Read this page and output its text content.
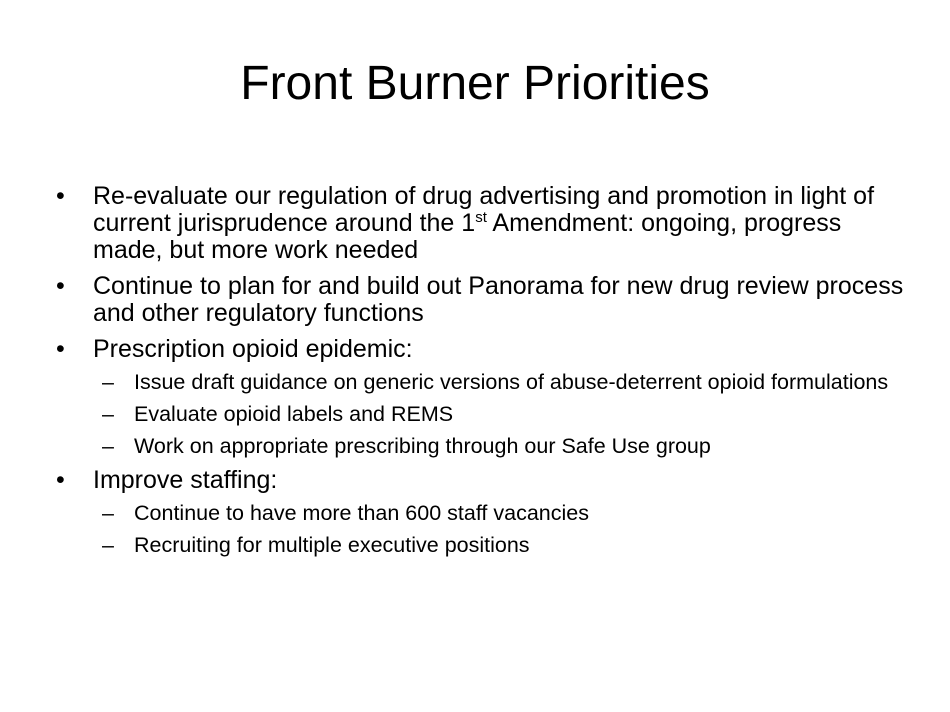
Front Burner Priorities
•	Re-evaluate our regulation of drug advertising and promotion in light of current jurisprudence around the 1st Amendment: ongoing, progress made, but more work needed
•	Continue to plan for and build out Panorama for new drug review process and other regulatory functions
•	Prescription opioid epidemic:
– Issue draft guidance on generic versions of abuse-deterrent opioid formulations
– Evaluate opioid labels and REMS
– Work on appropriate prescribing through our Safe Use group
•	Improve staffing:
– Continue to have more than 600 staff vacancies
– Recruiting for multiple executive positions
